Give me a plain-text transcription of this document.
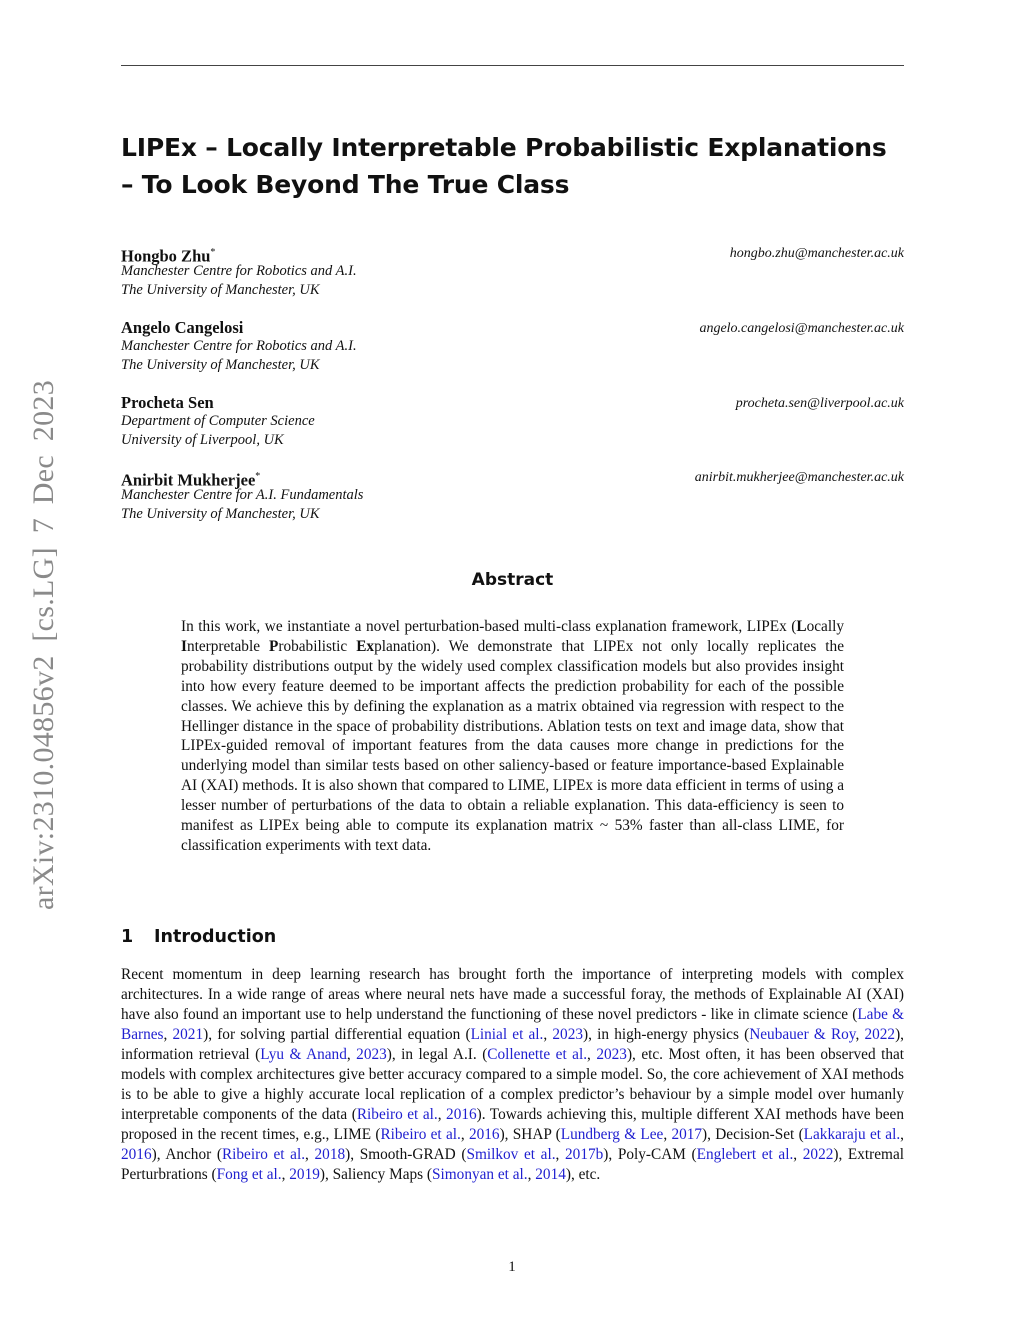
arXiv:2310.04856v2 [cs.LG] 7 Dec 2023
LIPEx – Locally Interpretable Probabilistic Explanations
– To Look Beyond The True Class
Hongbo Zhu*	hongbo.zhu@manchester.ac.uk
Manchester Centre for Robotics and A.I.
The University of Manchester, UK
Angelo Cangelosi	angelo.cangelosi@manchester.ac.uk
Manchester Centre for Robotics and A.I.
The University of Manchester, UK
Procheta Sen	procheta.sen@liverpool.ac.uk
Department of Computer Science
University of Liverpool, UK
Anirbit Mukherjee*	anirbit.mukherjee@manchester.ac.uk
Manchester Centre for A.I. Fundamentals
The University of Manchester, UK
Abstract

In this work, we instantiate a novel perturbation-based multi-class explanation framework, LIPEx (Locally Interpretable Probabilistic Explanation). We demonstrate that LIPEx not only locally replicates the probability distributions output by the widely used complex classification models but also provides insight into how every feature deemed to be important affects the prediction probability for each of the possible classes. We achieve this by defining the explanation as a matrix obtained via regression with respect to the Hellinger distance in the space of probability distributions. Ablation tests on text and image data, show that LIPEx-guided removal of important features from the data causes more change in predictions for the underlying model than similar tests based on other saliency-based or feature importance-based Explainable AI (XAI) methods. It is also shown that compared to LIME, LIPEx is more data efficient in terms of using a lesser number of perturbations of the data to obtain a reliable explanation. This data-efficiency is seen to manifest as LIPEx being able to compute its explanation matrix ~ 53% faster than all-class LIME, for classification experiments with text data.

1 Introduction

Recent momentum in deep learning research has brought forth the importance of interpreting models with complex architectures. In a wide range of areas where neural nets have made a successful foray, the methods of Explainable AI (XAI) have also found an important use to help understand the functioning of these novel predictors - like in climate science (Labe & Barnes, 2021), for solving partial differential equation (Linial et al., 2023), in high-energy physics (Neubauer & Roy, 2022), information retrieval (Lyu & Anand, 2023), in legal A.I. (Collenette et al., 2023), etc. Most often, it has been observed that models with complex architectures give better accuracy compared to a simple model. So, the core achievement of XAI methods is to be able to give a highly accurate local replication of a complex predictor’s behaviour by a simple model over humanly interpretable components of the data (Ribeiro et al., 2016). Towards achieving this, multiple different XAI methods have been proposed in the recent times, e.g., LIME (Ribeiro et al., 2016), SHAP (Lundberg & Lee, 2017), Decision-Set (Lakkaraju et al., 2016), Anchor (Ribeiro et al., 2018), Smooth-GRAD (Smilkov et al., 2017b), Poly-CAM (Englebert et al., 2022), Extremal Perturbrations (Fong et al., 2019), Saliency Maps (Simonyan et al., 2014), etc.

1
